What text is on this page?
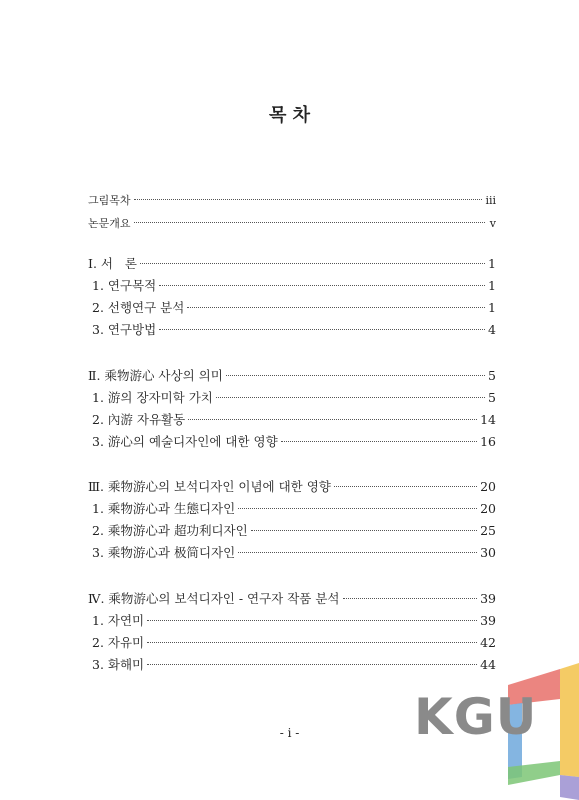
목 차
그림목차	iii
논문개요	v
Ⅰ. 서   론	1
1. 연구목적	1
2. 선행연구 분석	1
3. 연구방법	4
Ⅱ. 乘物游心 사상의 의미	5
1. 游의 장자미학 가치	5
2. 內游 자유활동	14
3. 游心의 예술디자인에 대한 영향	16
Ⅲ. 乘物游心의 보석디자인 이념에 대한 영향	20
1. 乘物游心과 生態디자인	20
2. 乘物游心과 超功利디자인	25
3. 乘物游心과 极简디자인	30
Ⅳ. 乘物游心의 보석디자인 - 연구자 작품 분석	39
1. 자연미	39
2. 자유미	42
3. 화해미	44
- i -	KGU
